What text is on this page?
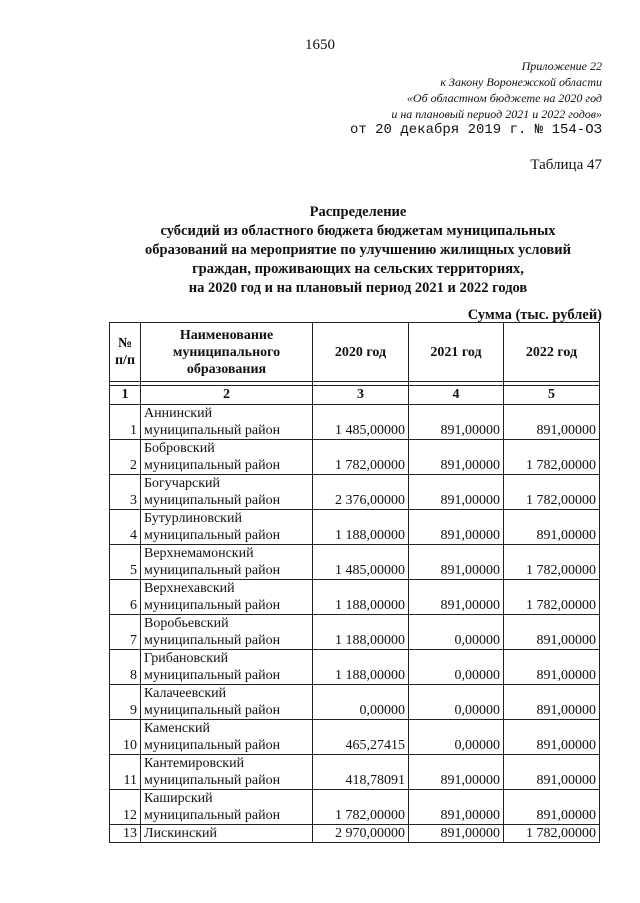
1650
Приложение 22
к Закону Воронежской области
«Об областном бюджете на 2020 год
и на плановый период 2021 и 2022 годов»
от 20 декабря 2019 г. № 154-ОЗ
Таблица 47
Распределение
субсидий из областного бюджета бюджетам муниципальных
образований на мероприятие по улучшению жилищных условий
граждан, проживающих на сельских территориях,
на 2020 год и на плановый период 2021 и 2022 годов
Сумма (тыс. рублей)
№ п/п	Наименование муниципального образования	2020 год	2021 год	2022 год

1	2	3	4	5
1	Аннинский
муниципальный район	1 485,00000	891,00000	891,00000
2	Бобровский
муниципальный район	1 782,00000	891,00000	1 782,00000
3	Богучарский
муниципальный район	2 376,00000	891,00000	1 782,00000
4	Бутурлиновский
муниципальный район	1 188,00000	891,00000	891,00000
5	Верхнемамонский
муниципальный район	1 485,00000	891,00000	1 782,00000
6	Верхнехавский
муниципальный район	1 188,00000	891,00000	1 782,00000
7	Воробьевский
муниципальный район	1 188,00000	0,00000	891,00000
8	Грибановский
муниципальный район	1 188,00000	0,00000	891,00000
9	Калачеевский
муниципальный район	0,00000	0,00000	891,00000
10	Каменский
муниципальный район	465,27415	0,00000	891,00000
11	Кантемировский
муниципальный район	418,78091	891,00000	891,00000
12	Каширский
муниципальный район	1 782,00000	891,00000	891,00000
13	Лискинский	2 970,00000	891,00000	1 782,00000
